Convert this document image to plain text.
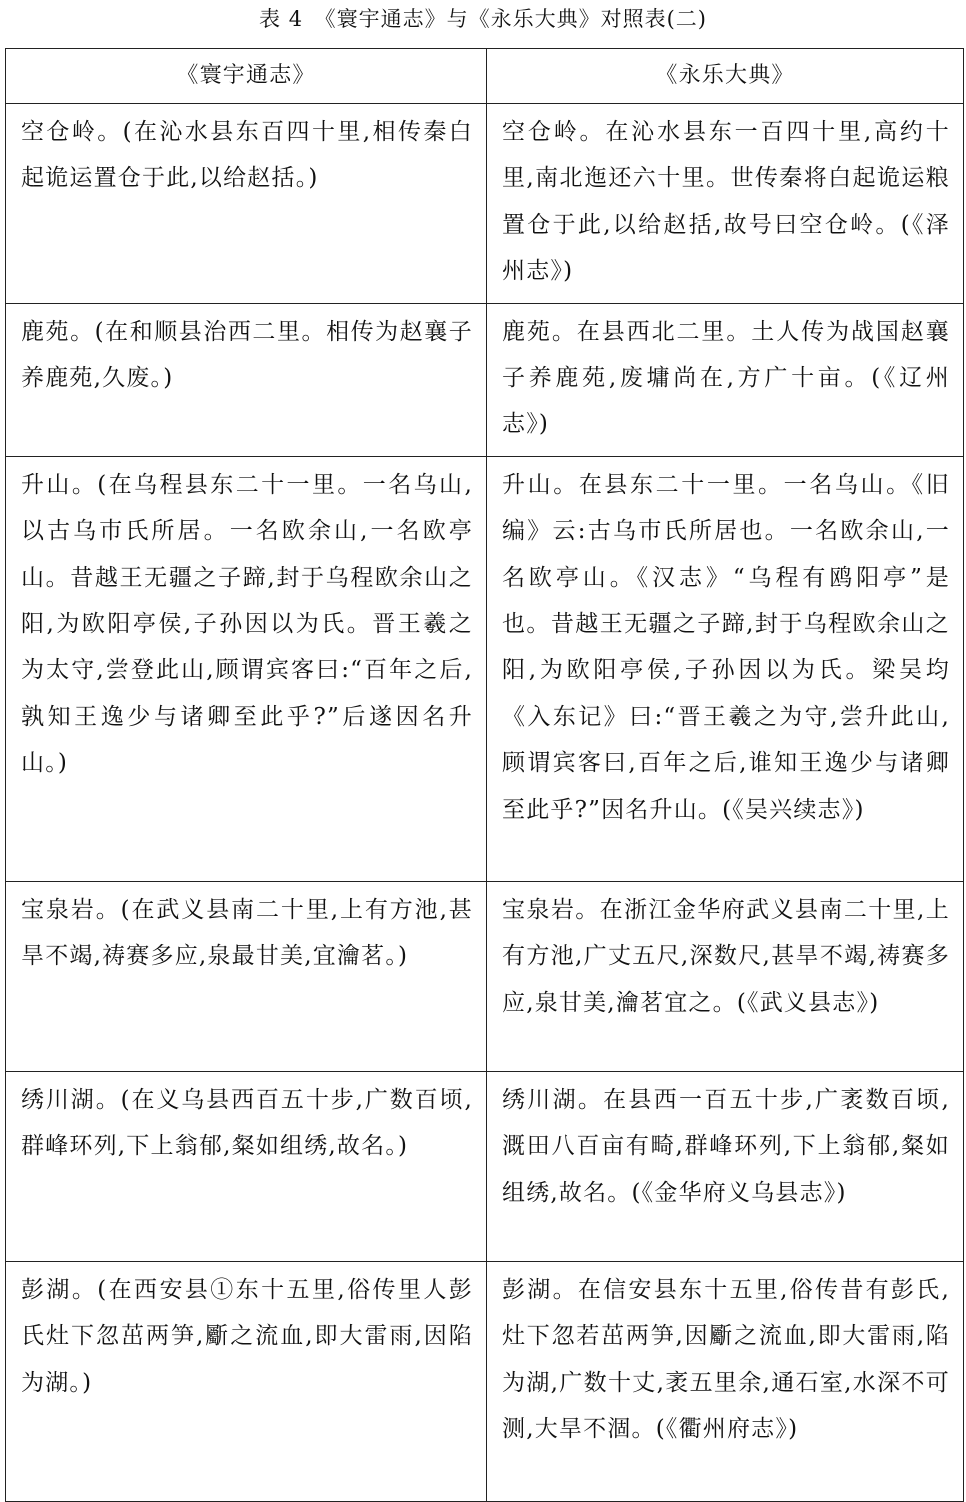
表 4　《寰宇通志》与《永乐大典》对照表(二)
《寰宇通志》	《永乐大典》
空仓岭。(在沁水县东百四十里,相传秦白起诡运置仓于此,以给赵括。)	空仓岭。在沁水县东一百四十里,高约十里,南北迤还六十里。世传秦将白起诡运粮置仓于此,以给赵括,故号曰空仓岭。(《泽州志》)
鹿苑。(在和顺县治西二里。相传为赵襄子养鹿苑,久废。)	鹿苑。在县西北二里。土人传为战国赵襄子养鹿苑,废墉尚在,方广十亩。(《辽州志》)
升山。(在乌程县东二十一里。一名乌山,以古乌巿氏所居。一名欧余山,一名欧亭山。昔越王无疆之子蹄,封于乌程欧余山之阳,为欧阳亭侯,子孙因以为氏。晋王羲之为太守,尝登此山,顾谓宾客曰:“百年之后,孰知王逸少与诸卿至此乎?”后遂因名升山。)	升山。在县东二十一里。一名乌山。《旧编》云:古乌巿氏所居也。一名欧余山,一名欧亭山。《汉志》“乌程有鸥阳亭”是也。昔越王无疆之子蹄,封于乌程欧余山之阳,为欧阳亭侯,子孙因以为氏。梁吴均《入东记》曰:“晋王羲之为守,尝升此山,顾谓宾客曰,百年之后,谁知王逸少与诸卿至此乎?”因名升山。(《吴兴续志》)
宝泉岩。(在武义县南二十里,上有方池,甚旱不竭,祷赛多应,泉最甘美,宜瀹茗。)	宝泉岩。在浙江金华府武义县南二十里,上有方池,广丈五尺,深数尺,甚旱不竭,祷赛多应,泉甘美,瀹茗宜之。(《武义县志》)
绣川湖。(在义乌县西百五十步,广数百顷,群峰环列,下上翁郁,粲如组绣,故名。)	绣川湖。在县西一百五十步,广袤数百顷,溉田八百亩有畸,群峰环列,下上翁郁,粲如组绣,故名。(《金华府义乌县志》)
彭湖。(在西安县①东十五里,俗传里人彭氏灶下忽茁两笋,斸之流血,即大雷雨,因陷为湖。)	彭湖。在信安县东十五里,俗传昔有彭氏,灶下忽若茁两笋,因斸之流血,即大雷雨,陷为湖,广数十丈,袤五里余,通石室,水深不可测,大旱不涸。(《衢州府志》)
